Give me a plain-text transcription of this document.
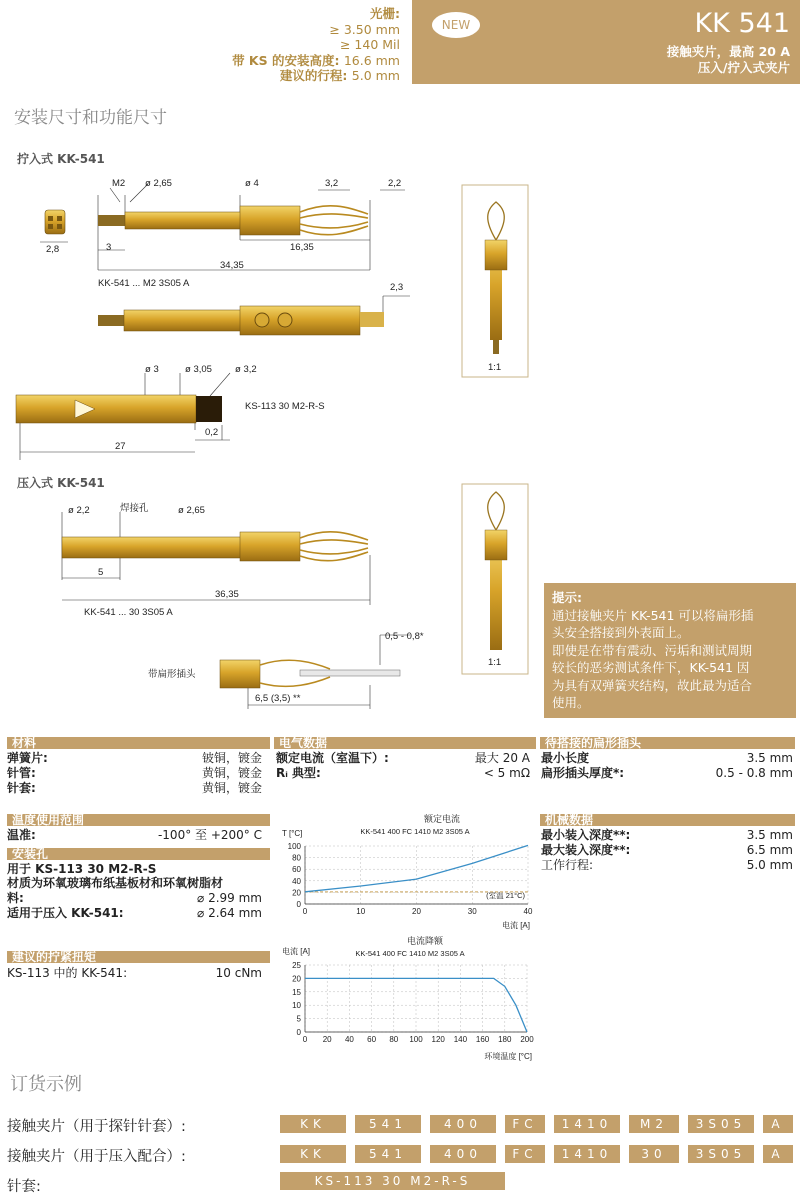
光栅:
≥ 3.50 mm
≥ 140 Mil
带 KS 的安装高度: 16.6 mm
建议的行程: 5.0 mm
NEW	KK 541
接触夹片，最高 20 A
压入/拧入式夹片
安装尺寸和功能尺寸
拧入式 KK-541
M2 ø 2,65	ø 4	3,2	2,2
2,8	3	16,35
34,35
KK-541 ... M2 3S05 A	2,3
ø 3	ø 3,05 ø 3,2
KS-113 30 M2-R-S
0,2
27
ø 2,2	焊接孔	ø 2,65
5
36,35
KK-541 ... 30 3S05 A
1:1
1:1
压入式 KK-541
0,5 - 0,8*
带扁形插头
6,5 (3,5) **
提示:
通过接触夹片 KK-541 可以将扁形插
头安全搭接到外表面上。
即使是在带有震动、污垢和测试周期
较长的恶劣测试条件下，KK-541 因
为具有双弹簧夹结构，故此最为适合
使用。
材料
弹簧片:	铍铜，镀金
针管:	黄铜，镀金
针套:	黄铜，镀金
电气数据
额定电流（室温下）:	最大 20 A
Rᵢ 典型:	< 5 mΩ
待搭接的扁形插头
最小长度	3.5 mm
扁形插头厚度*:	0.5 - 0.8 mm
温度使用范围
温准:	-100° 至 +200° C
安装孔
用于 KS-113 30 M2-R-S
材质为环氧玻璃布纸基板材和环氧树脂材
料:	⌀ 2.99 mm
适用于压入 KK-541:	⌀ 2.64 mm
建议的拧紧扭矩
KS-113 中的 KK-541:	10 cNm
机械数据
最小装入深度**:	3.5 mm
最大装入深度**:	6.5 mm
工作行程:	5.0 mm
额定电流
KK-541 400 FC 1410 M2 3S05 A
T [°C]
电流 [A]
(室温 21°C)
0
20
40
60
80
100
0	10	20	30	40
电流降额
KK-541 400 FC 1410 M2 3S05 A
电流 [A]
环境温度 [°C]
0
5
10
15
20
25
0 20 40 60 80 100 120 140 160 180 200
订货示例
接触夹片（用于探针针套）:
接触夹片（用于压入配合）:
针套:
KK	541	400	FC	1410	M2	3S05	A
KK	541	400	FC	1410	30	3S05	A
KS-113 30 M2-R-S
